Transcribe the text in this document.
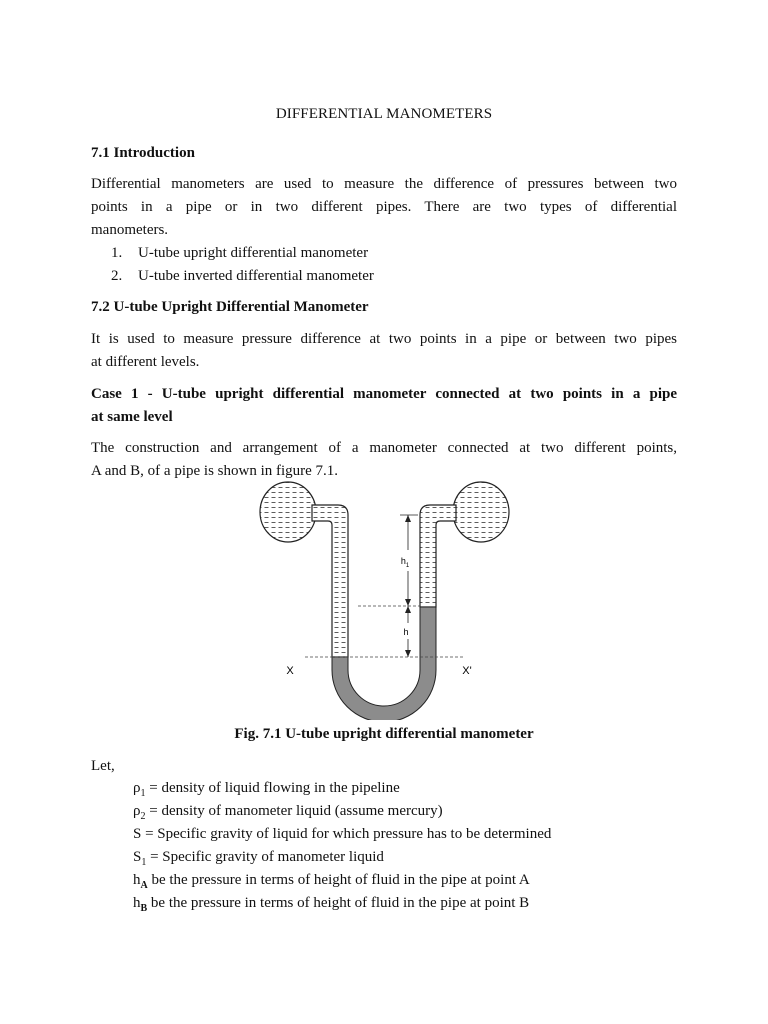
DIFFERENTIAL MANOMETERS
7.1 Introduction
Differential manometers are used to measure the difference of pressures between two
points in a pipe or in two different pipes. There are two types of differential
manometers.
1. U-tube upright differential manometer
2. U-tube inverted differential manometer
7.2 U-tube Upright Differential Manometer
It is used to measure pressure difference at two points in a pipe or between two pipes
at different levels.
Case 1 - U-tube upright differential manometer connected at two points in a pipe
at same level
The construction and arrangement of a manometer connected at two different points,
A and B, of a pipe is shown in figure 7.1.
$h_1$
h
X	X'
Fig. 7.1 U-tube upright differential manometer
Let,
$\rho_1$ = density of liquid flowing in the pipeline
$\rho_2$ = density of manometer liquid (assume mercury)
S = Specific gravity of liquid for which pressure has to be determined
$S_1$ = Specific gravity of manometer liquid
$h_A$ be the pressure in terms of height of fluid in the pipe at point A
$h_B$ be the pressure in terms of height of fluid in the pipe at point B
